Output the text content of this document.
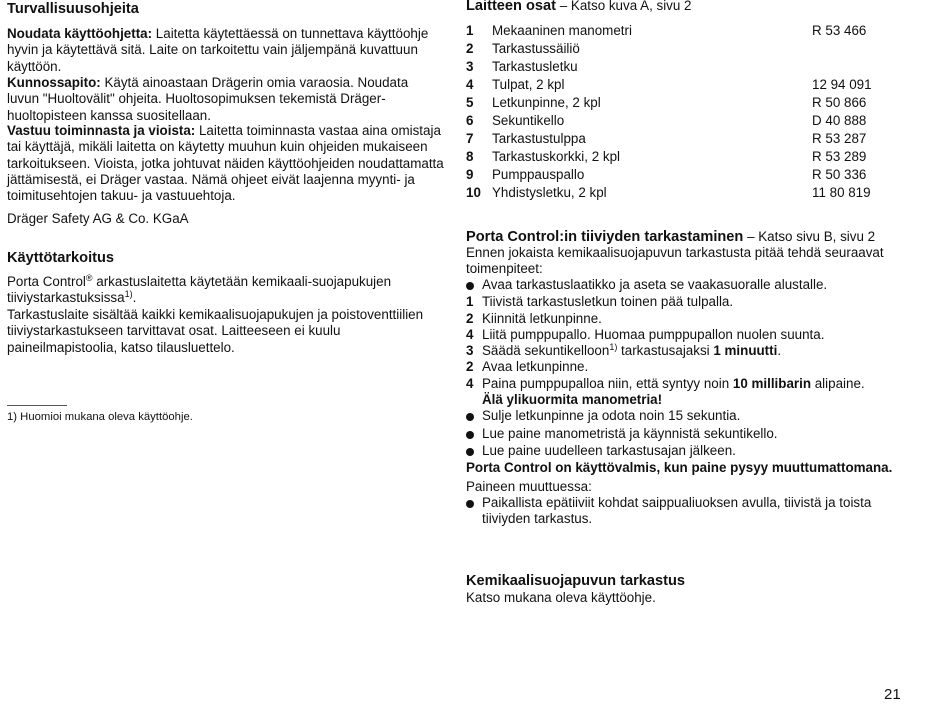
Turvallisuusohjeita

Noudata käyttöohjetta: Laitetta käytettäessä on tunnettava käyttöohje hyvin ja käytettävä sitä. Laite on tarkoitettu vain jäljempänä kuvattuun käyttöön.

Kunnossapito: Käytä ainoastaan Drägerin omia varaosia. Noudata luvun "Huoltovälit" ohjeita. Huoltosopimuksen tekemistä Dräger-huoltopisteen kanssa suositellaan.

Vastuu toiminnasta ja vioista: Laitetta toiminnasta vastaa aina omistaja tai käyttäjä, mikäli laitetta on käytetty muuhun kuin ohjeiden mukaiseen tarkoitukseen. Vioista, jotka johtuvat näiden käyttöohjeiden noudattamatta jättämisestä, ei Dräger vastaa. Nämä ohjeet eivät laajenna myynti- ja toimitusehtojen takuu- ja vastuuehtoja.

Dräger Safety AG & Co. KGaA

Käyttötarkoitus

Porta Control® arkastuslaitetta käytetään kemikaali-suojapukujen tiiviystarkastuksissa$^{1)}$.

Tarkastuslaite sisältää kaikki kemikaalisuojapukujen ja poistoventtiilien tiiviystarkastukseen tarvittavat osat. Laitteeseen ei kuulu paineilmapistoolia, katso tilausluettelo.

1) Huomioi mukana oleva käyttöohje.
Laitteen osat – Katso kuva A, sivu 2
1	Mekaaninen manometri	R 53 466
2	Tarkastussäiliö
3	Tarkastusletku
4	Tulpat, 2 kpl	12 94 091
5	Letkunpinne, 2 kpl	R 50 866
6	Sekuntikello	D 40 888
7	Tarkastustulppa	R 53 287
8	Tarkastuskorkki, 2 kpl	R 53 289
9	Pumppauspallo	R 50 336
10 Yhdistysletku, 2 kpl	11 80 819
Porta Control:in tiiviyden tarkastaminen – Katso sivu B, sivu 2

Ennen jokaista kemikaalisuojapuvun tarkastusta pitää tehdä seuraavat toimenpiteet:

Avaa tarkastuslaatikko ja aseta se vaakasuoralle alustalle.
1 Tiivistä tarkastusletkun toinen pää tulpalla.
2 Kiinnitä letkunpinne.
4 Liitä pumppupallo. Huomaa pumppupallon nuolen suunta.
3 Säädä sekuntikelloon$^{1)}$ tarkastusajaksi 1 minuutti.
2 Avaa letkunpinne.
4 Paina pumppupalloa niin, että syntyy noin 10 millibarin alipaine.
Älä ylikuormita manometria!
Sulje letkunpinne ja odota noin 15 sekuntia.
Lue paine manometristä ja käynnistä sekuntikello.
Lue paine uudelleen tarkastusajan jälkeen.
Porta Control on käyttövalmis, kun paine pysyy muuttumattomana.

Paineen muuttuessa:

Paikallista epätiiviit kohdat saippualiuoksen avulla, tiivistä ja toista tiiviyden tarkastus.
Kemikaalisuojapuvun tarkastus

Katso mukana oleva käyttöohje.

21
